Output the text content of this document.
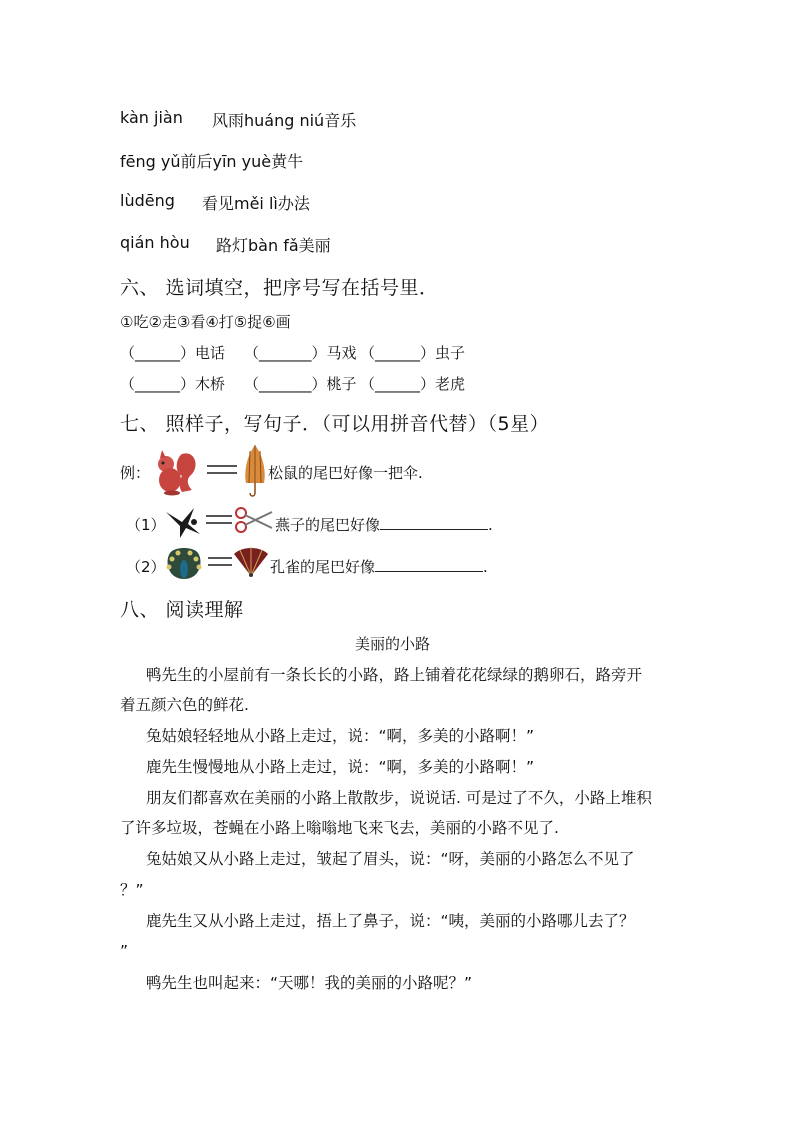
kàn jiàn 风雨huáng niú音乐
fēng yǔ前后yīn yuè黄牛
lùdēng 看见měi lì办法
qián hòu 路灯bàn fǎ美丽
六、 选词填空，把序号写在括号里．
①吃②走③看④打⑤捉⑥画
（______）电话 （_______）马戏 （______）虫子
（______）木桥 （_______）桃子 （______）老虎
七、 照样子，写句子．（可以用拼音代替）（5星）
例：	松鼠的尾巴好像一把伞.
（1）	燕子的尾巴好像	.
（2）	孔雀的尾巴好像	.
八、 阅读理解
美丽的小路
鸭先生的小屋前有一条长长的小路，路上铺着花花绿绿的鹅卵石，路旁开
着五颜六色的鲜花.
兔姑娘轻轻地从小路上走过，说：“啊，多美的小路啊！”
鹿先生慢慢地从小路上走过，说：“啊，多美的小路啊！”
朋友们都喜欢在美丽的小路上散散步，说说话. 可是过了不久，小路上堆积
了许多垃圾，苍蝇在小路上嗡嗡地飞来飞去，美丽的小路不见了.
兔姑娘又从小路上走过，皱起了眉头，说：“呀，美丽的小路怎么不见了
？”
鹿先生又从小路上走过，捂上了鼻子，说：“咦，美丽的小路哪儿去了？
”
鸭先生也叫起来：“天哪！我的美丽的小路呢？”
